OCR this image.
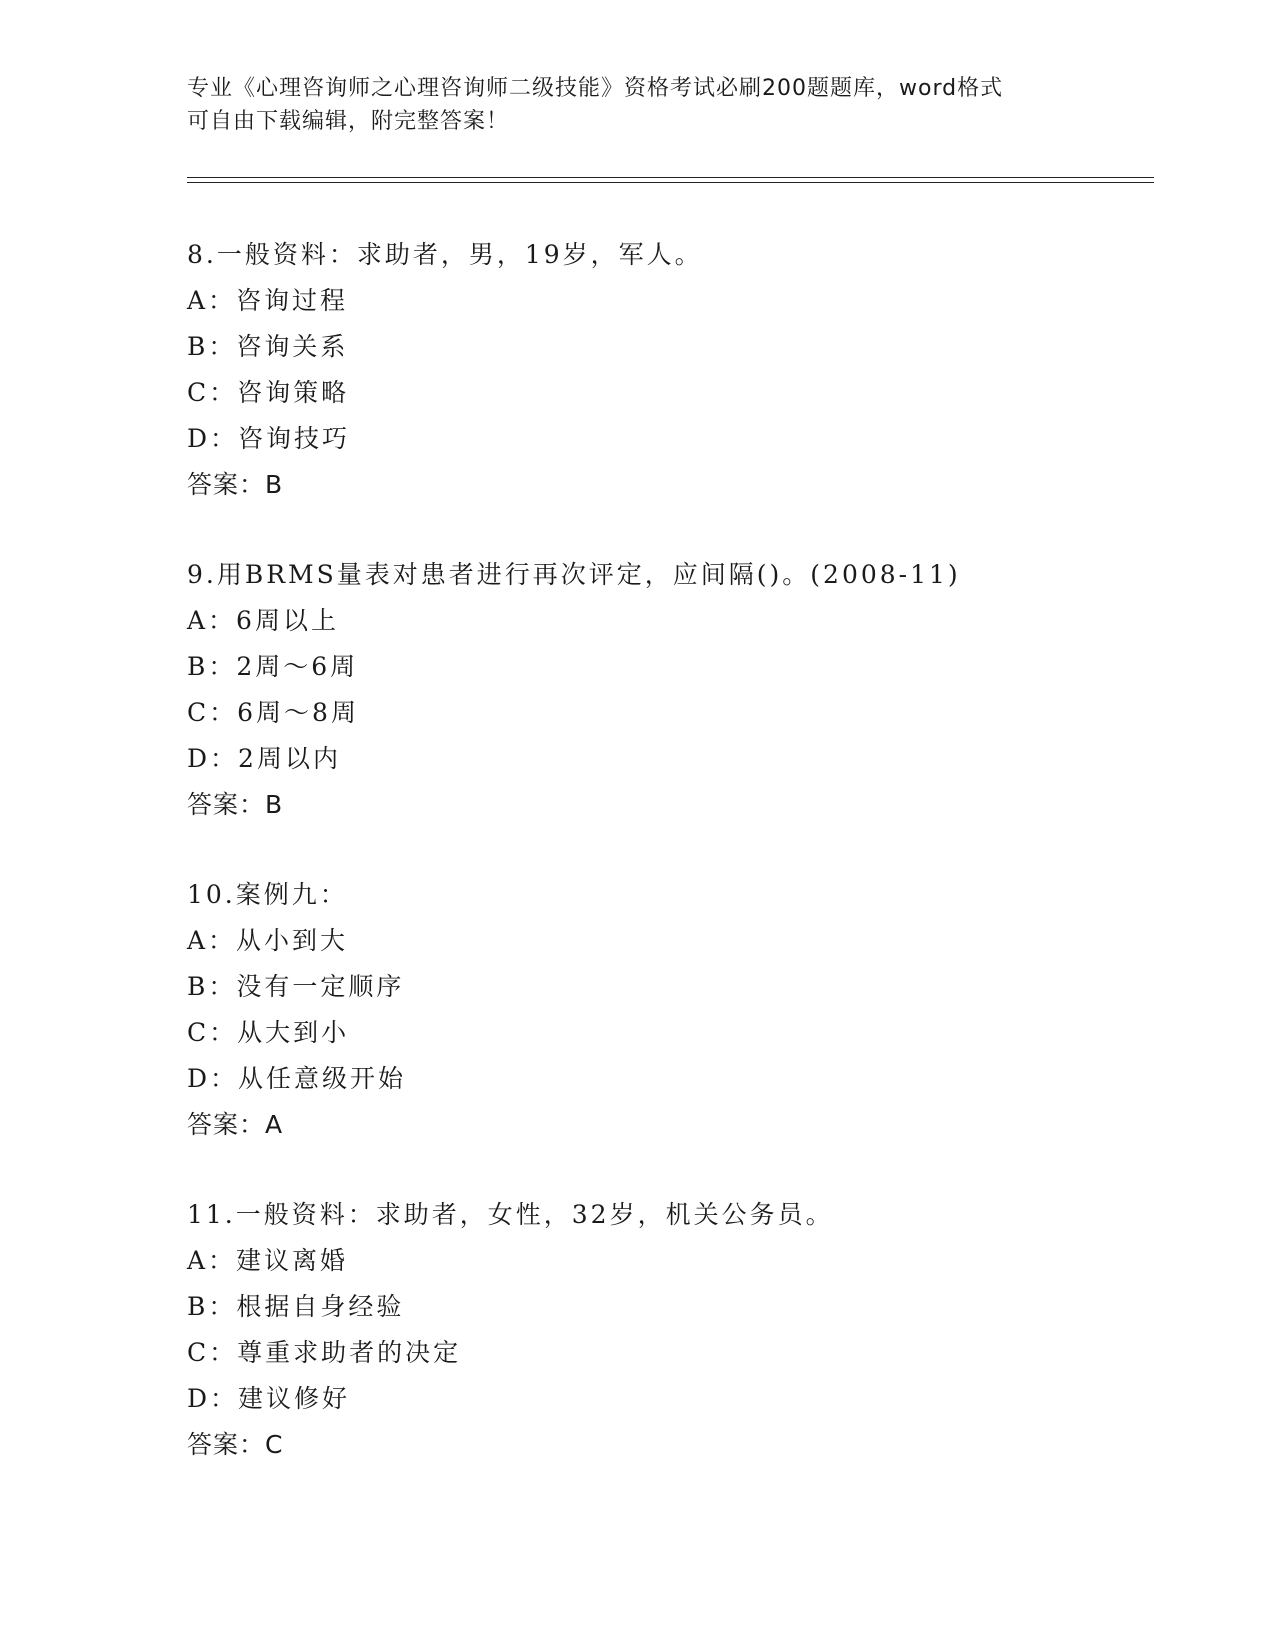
专业《心理咨询师之心理咨询师二级技能》资格考试必刷200题题库，word格式
可自由下载编辑，附完整答案！
8.一般资料：求助者，男，19岁，军人。
A：咨询过程
B：咨询关系
C：咨询策略
D：咨询技巧
答案：B
9.用BRMS量表对患者进行再次评定，应间隔()。(2008-11)
A：6周以上
B：2周～6周
C：6周～8周
D：2周以内
答案：B
10.案例九：
A：从小到大
B：没有一定顺序
C：从大到小
D：从任意级开始
答案：A
11.一般资料：求助者，女性，32岁，机关公务员。
A：建议离婚
B：根据自身经验
C：尊重求助者的决定
D：建议修好
答案：C
